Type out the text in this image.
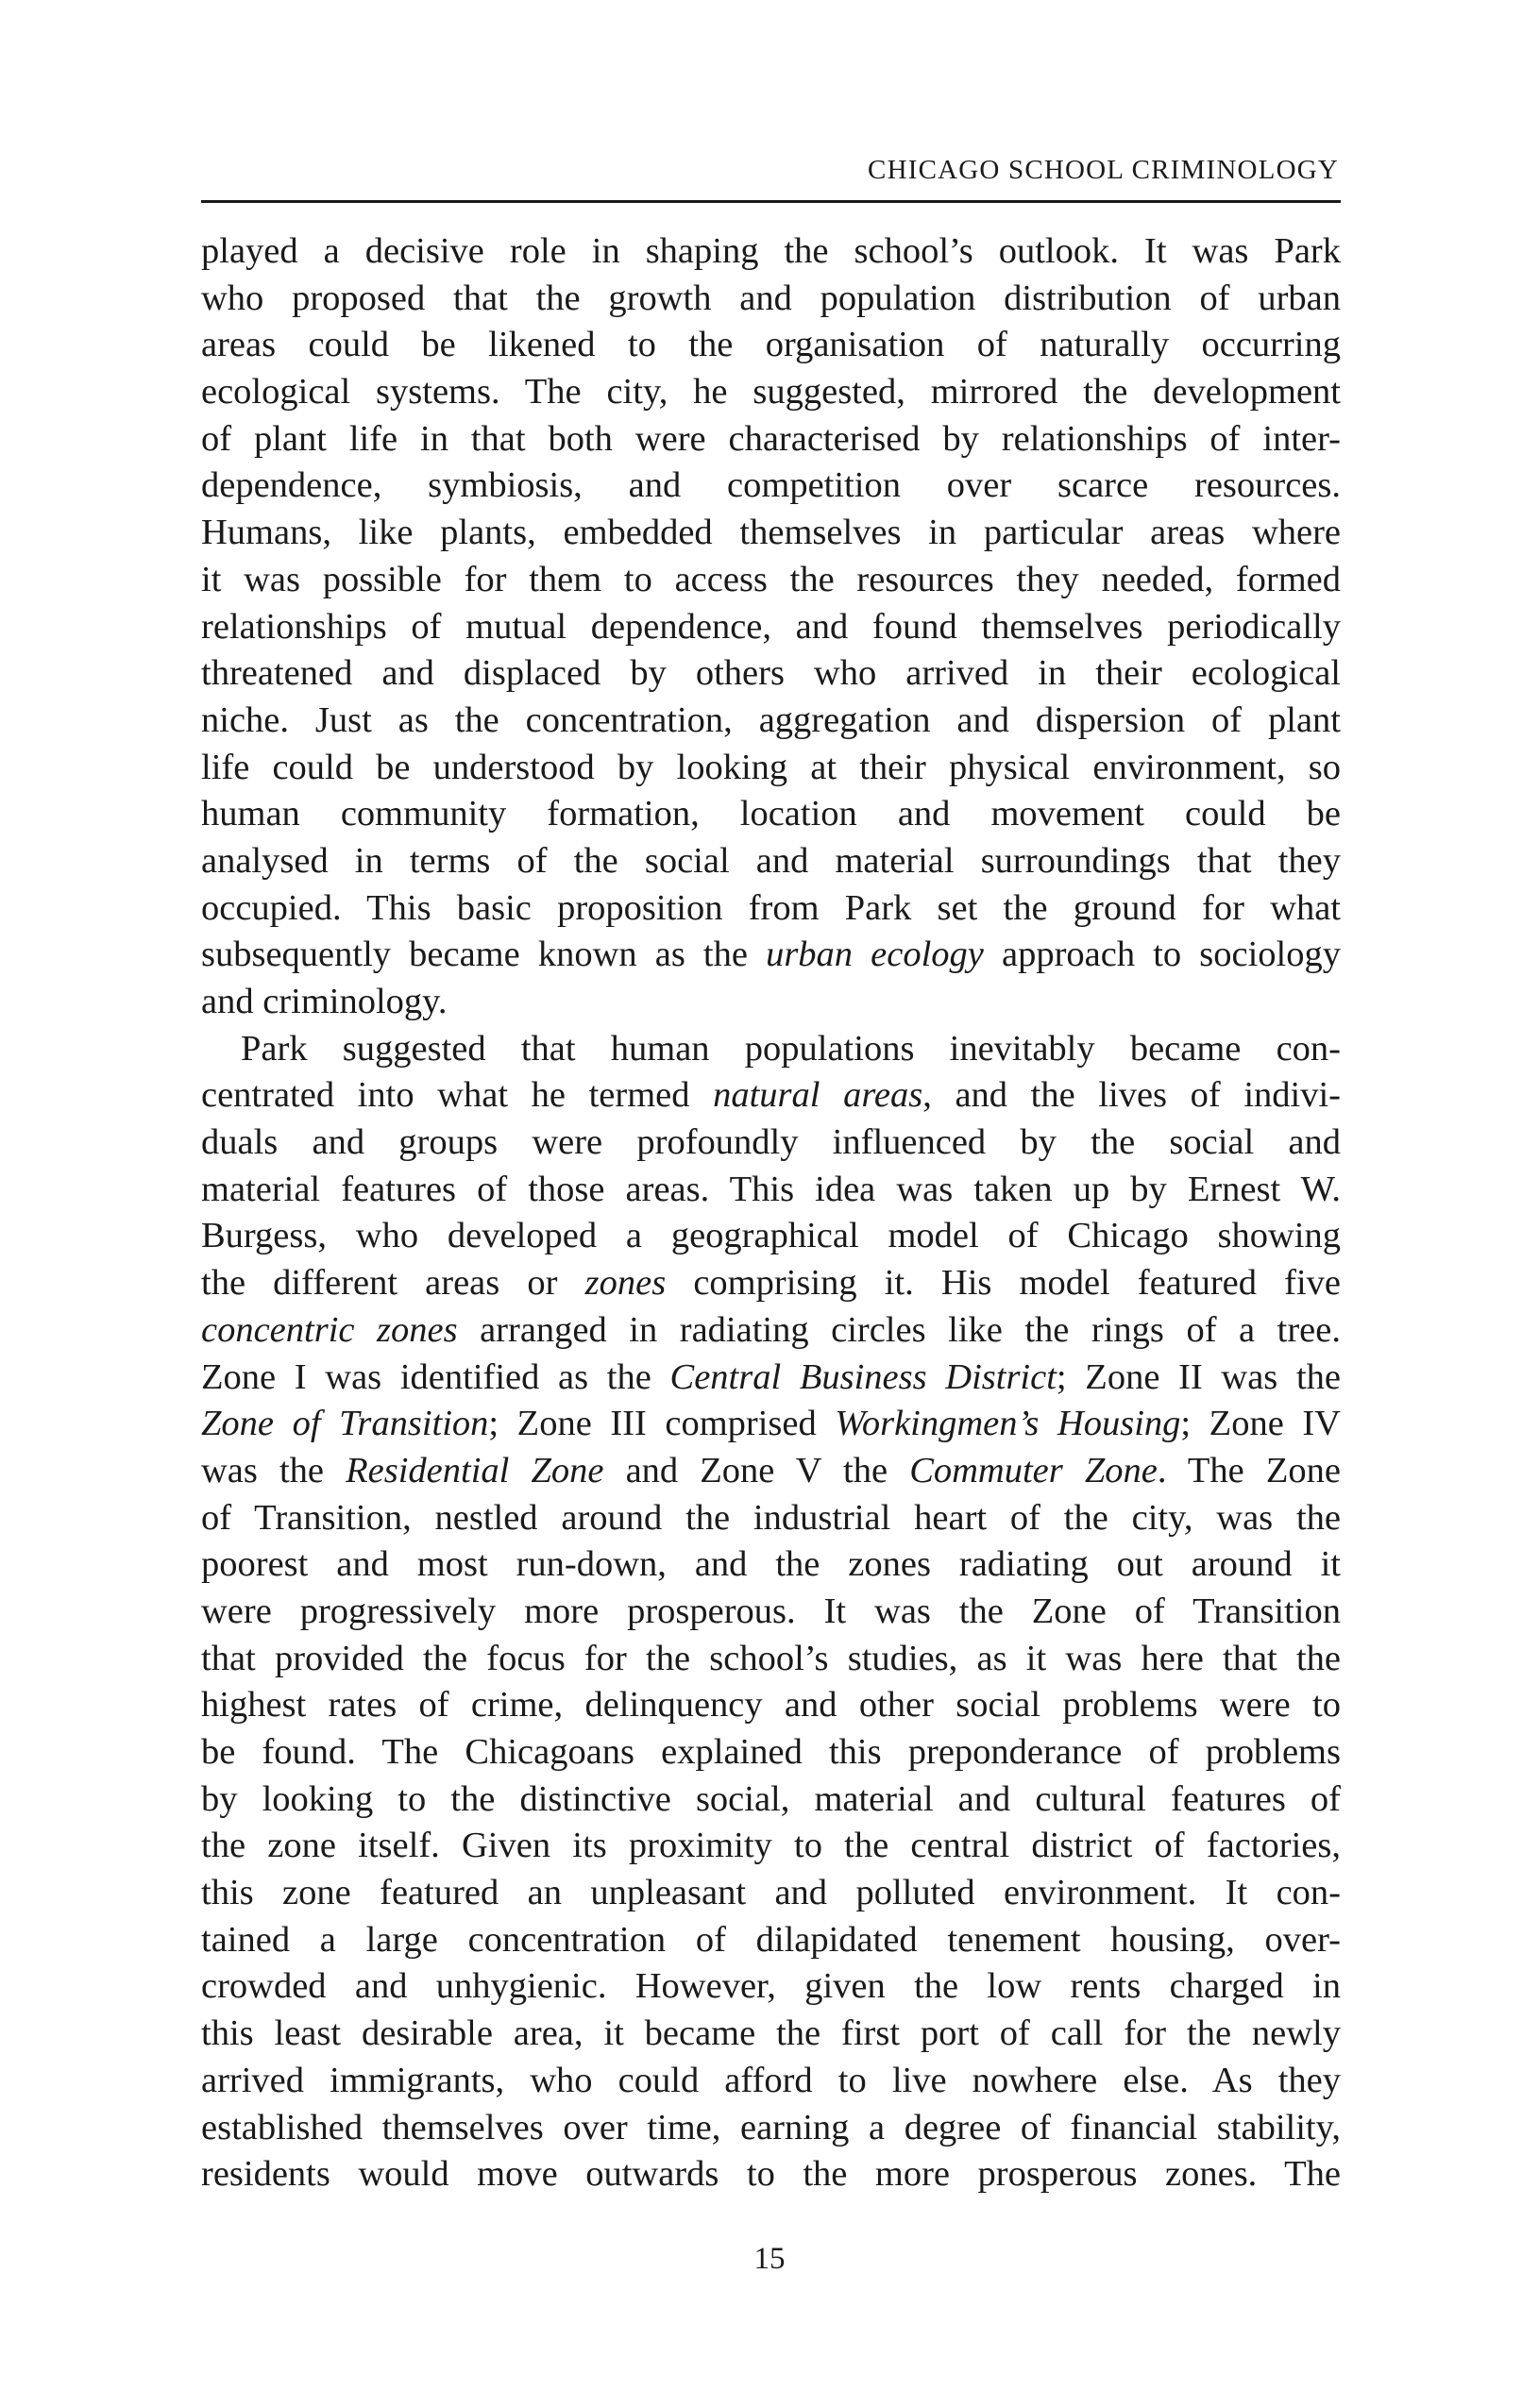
CHICAGO SCHOOL CRIMINOLOGY
played a decisive role in shaping the school’s outlook. It was Park
who proposed that the growth and population distribution of urban
areas could be likened to the organisation of naturally occurring
ecological systems. The city, he suggested, mirrored the development
of plant life in that both were characterised by relationships of inter-
dependence, symbiosis, and competition over scarce resources.
Humans, like plants, embedded themselves in particular areas where
it was possible for them to access the resources they needed, formed
relationships of mutual dependence, and found themselves periodically
threatened and displaced by others who arrived in their ecological
niche. Just as the concentration, aggregation and dispersion of plant
life could be understood by looking at their physical environment, so
human community formation, location and movement could be
analysed in terms of the social and material surroundings that they
occupied. This basic proposition from Park set the ground for what
subsequently became known as the urban ecology approach to sociology
and criminology.
Park suggested that human populations inevitably became con-
centrated into what he termed natural areas, and the lives of indivi-
duals and groups were profoundly influenced by the social and
material features of those areas. This idea was taken up by Ernest W.
Burgess, who developed a geographical model of Chicago showing
the different areas or zones comprising it. His model featured five
concentric zones arranged in radiating circles like the rings of a tree.
Zone I was identified as the Central Business District; Zone II was the
Zone of Transition; Zone III comprised Workingmen’s Housing; Zone IV
was the Residential Zone and Zone V the Commuter Zone. The Zone
of Transition, nestled around the industrial heart of the city, was the
poorest and most run-down, and the zones radiating out around it
were progressively more prosperous. It was the Zone of Transition
that provided the focus for the school’s studies, as it was here that the
highest rates of crime, delinquency and other social problems were to
be found. The Chicagoans explained this preponderance of problems
by looking to the distinctive social, material and cultural features of
the zone itself. Given its proximity to the central district of factories,
this zone featured an unpleasant and polluted environment. It con-
tained a large concentration of dilapidated tenement housing, over-
crowded and unhygienic. However, given the low rents charged in
this least desirable area, it became the first port of call for the newly
arrived immigrants, who could afford to live nowhere else. As they
established themselves over time, earning a degree of financial stability,
residents would move outwards to the more prosperous zones. The
15
